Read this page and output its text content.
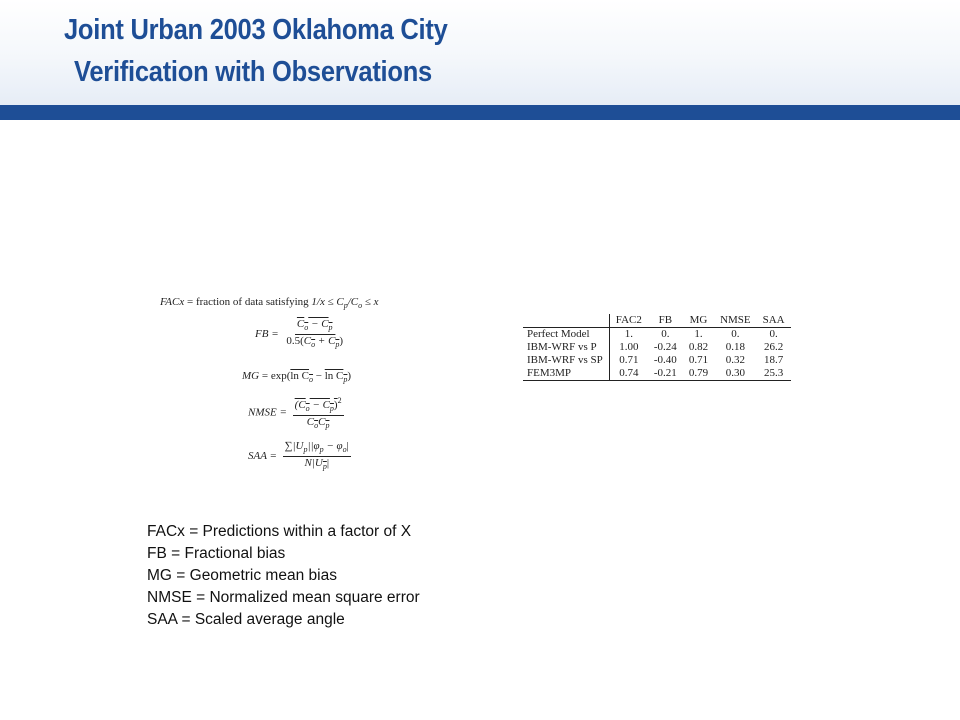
Joint Urban 2003 Oklahoma City
Verification with Observations
FACx = fraction of data satisfying $1/x \le C_p/C_o \le x$
FB = $\frac{C_o - C_p}{0.5(C_o + C_p)}$
MG = exp(ln $C_o - \ln C_p$)
NMSE = $\frac{(C_o - C_p)^2}{C_oC_p}$
SAA = $\frac{\sum|U_p||\varphi_p - \varphi_o|}{N|U_p|}$
	FAC2	FB	MG	NMSE	SAA
Perfect Model	1.	0.	1.	0.	0.
IBM-WRF vs P	1.00	-0.24	0.82	0.18	26.2
IBM-WRF vs SP	0.71	-0.40	0.71	0.32	18.7
FEM3MP	0.74	-0.21	0.79	0.30	25.3
FACx = Predictions within a factor of X
FB = Fractional bias
MG = Geometric mean bias
NMSE = Normalized mean square error
SAA = Scaled average angle
